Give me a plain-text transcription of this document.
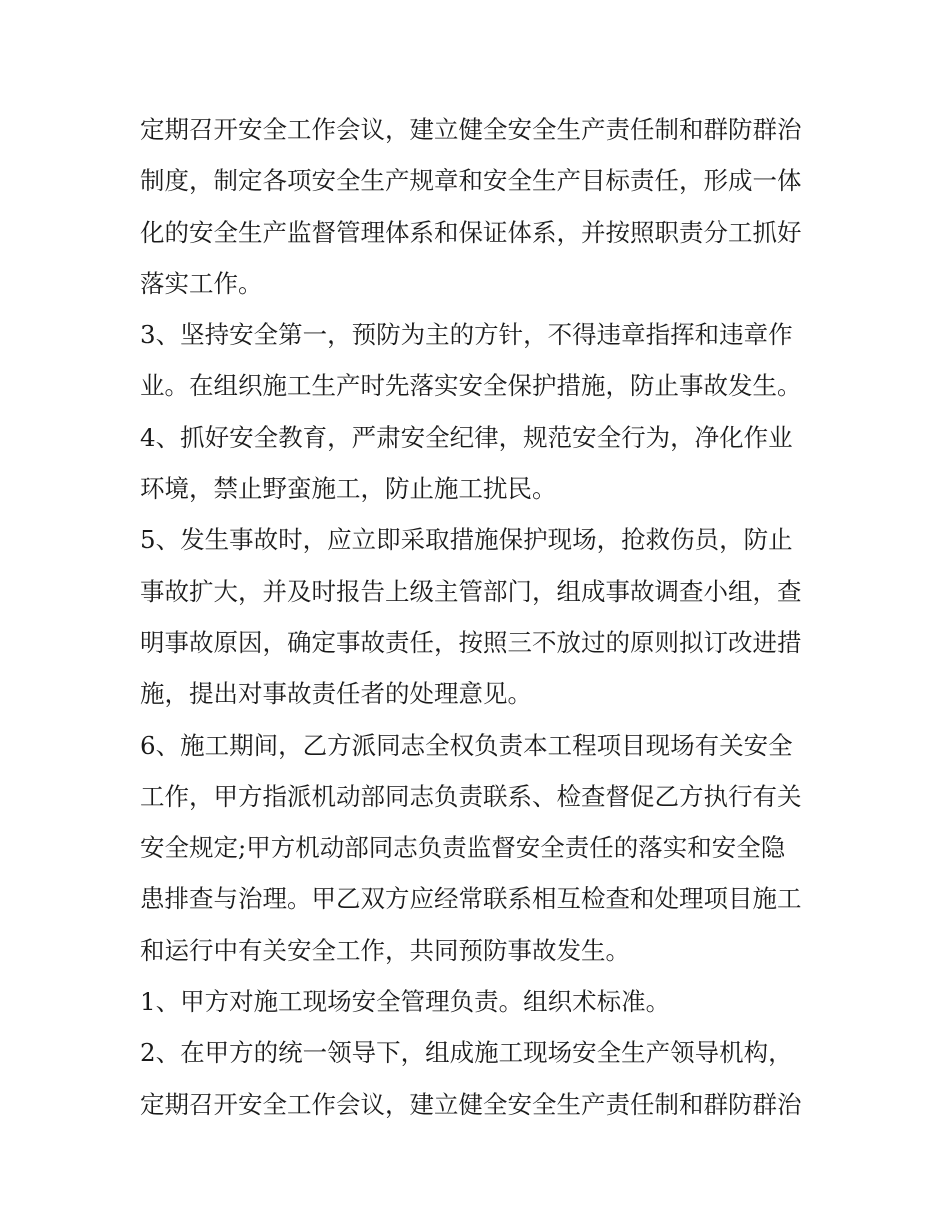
定期召开安全工作会议，建立健全安全生产责任制和群防群治
制度，制定各项安全生产规章和安全生产目标责任，形成一体
化的安全生产监督管理体系和保证体系，并按照职责分工抓好
落实工作。
3、坚持安全第一，预防为主的方针，不得违章指挥和违章作
业。在组织施工生产时先落实安全保护措施，防止事故发生。
4、抓好安全教育，严肃安全纪律，规范安全行为，净化作业
环境，禁止野蛮施工，防止施工扰民。
5、发生事故时，应立即采取措施保护现场，抢救伤员，防止
事故扩大，并及时报告上级主管部门，组成事故调查小组，查
明事故原因，确定事故责任，按照三不放过的原则拟订改进措
施，提出对事故责任者的处理意见。
6、施工期间，乙方派同志全权负责本工程项目现场有关安全
工作，甲方指派机动部同志负责联系、检查督促乙方执行有关
安全规定;甲方机动部同志负责监督安全责任的落实和安全隐
患排查与治理。甲乙双方应经常联系相互检查和处理项目施工
和运行中有关安全工作，共同预防事故发生。
1、甲方对施工现场安全管理负责。组织术标准。
2、在甲方的统一领导下，组成施工现场安全生产领导机构，
定期召开安全工作会议，建立健全安全生产责任制和群防群治
